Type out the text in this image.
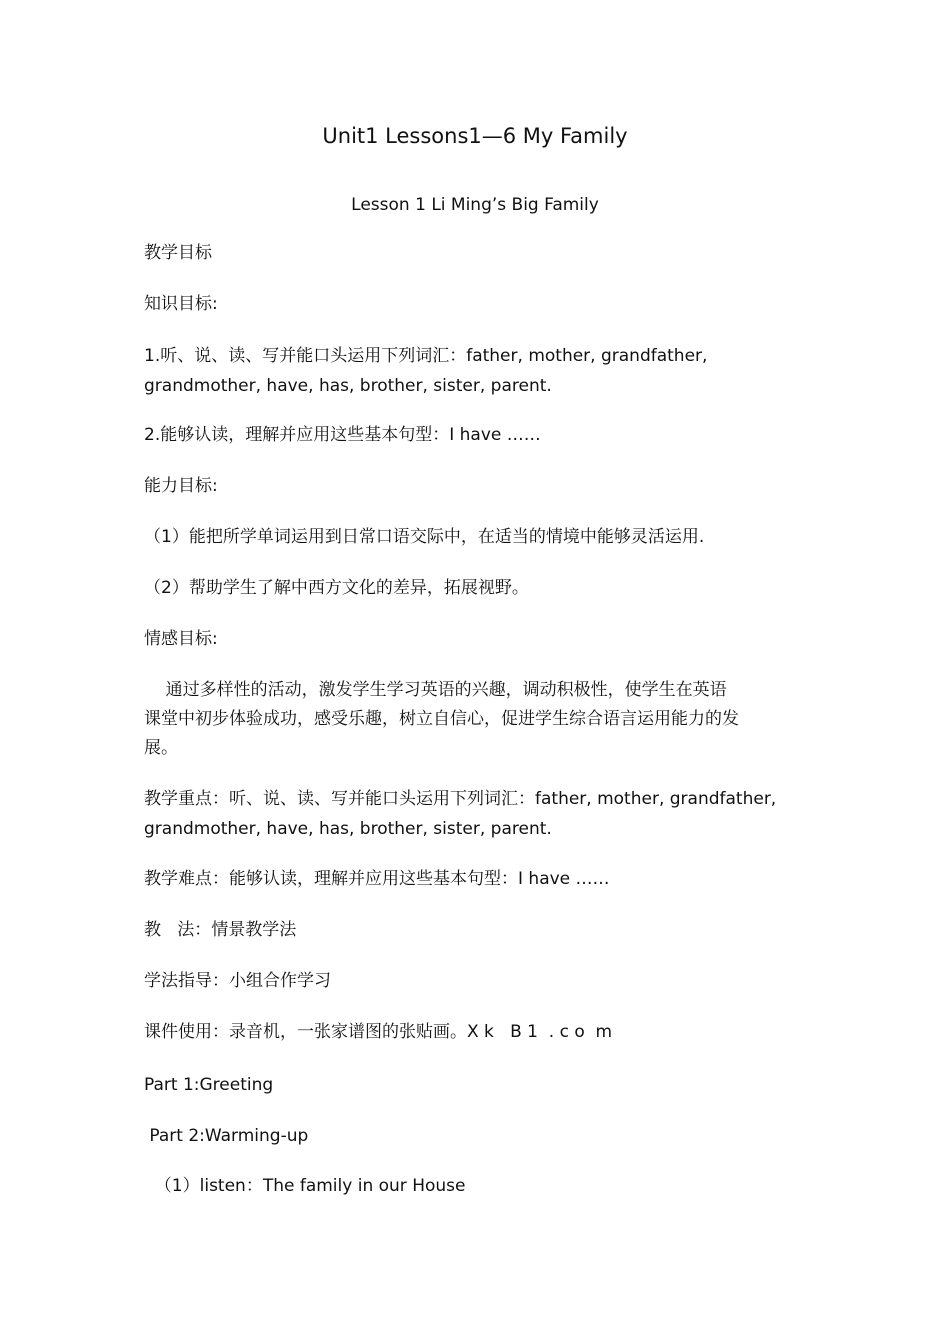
Unit1 Lessons1—6 My Family
Lesson 1 Li Ming’s Big Family
教学目标
知识目标:
1.听、说、读、写并能口头运用下列词汇：father, mother, grandfather,
grandmother, have, has, brother, sister, parent.
2.能够认读，理解并应用这些基本句型：I have ……
能力目标:
（1）能把所学单词运用到日常口语交际中，在适当的情境中能够灵活运用.
（2）帮助学生了解中西方文化的差异，拓展视野。
情感目标:
通过多样性的活动，激发学生学习英语的兴趣，调动积极性，使学生在英语
课堂中初步体验成功，感受乐趣，树立自信心，促进学生综合语言运用能力的发
展。
教学重点：听、说、读、写并能口头运用下列词汇：father, mother, grandfather,
grandmother, have, has, brother, sister, parent.
教学难点：能够认读，理解并应用这些基本句型：I have ……
教   法：情景教学法
学法指导：小组合作学习
课件使用：录音机，一张家谱图的张贴画。X k   B 1  . c o  m
Part 1:Greeting
Part 2:Warming-up
（1）listen：The family in our House
